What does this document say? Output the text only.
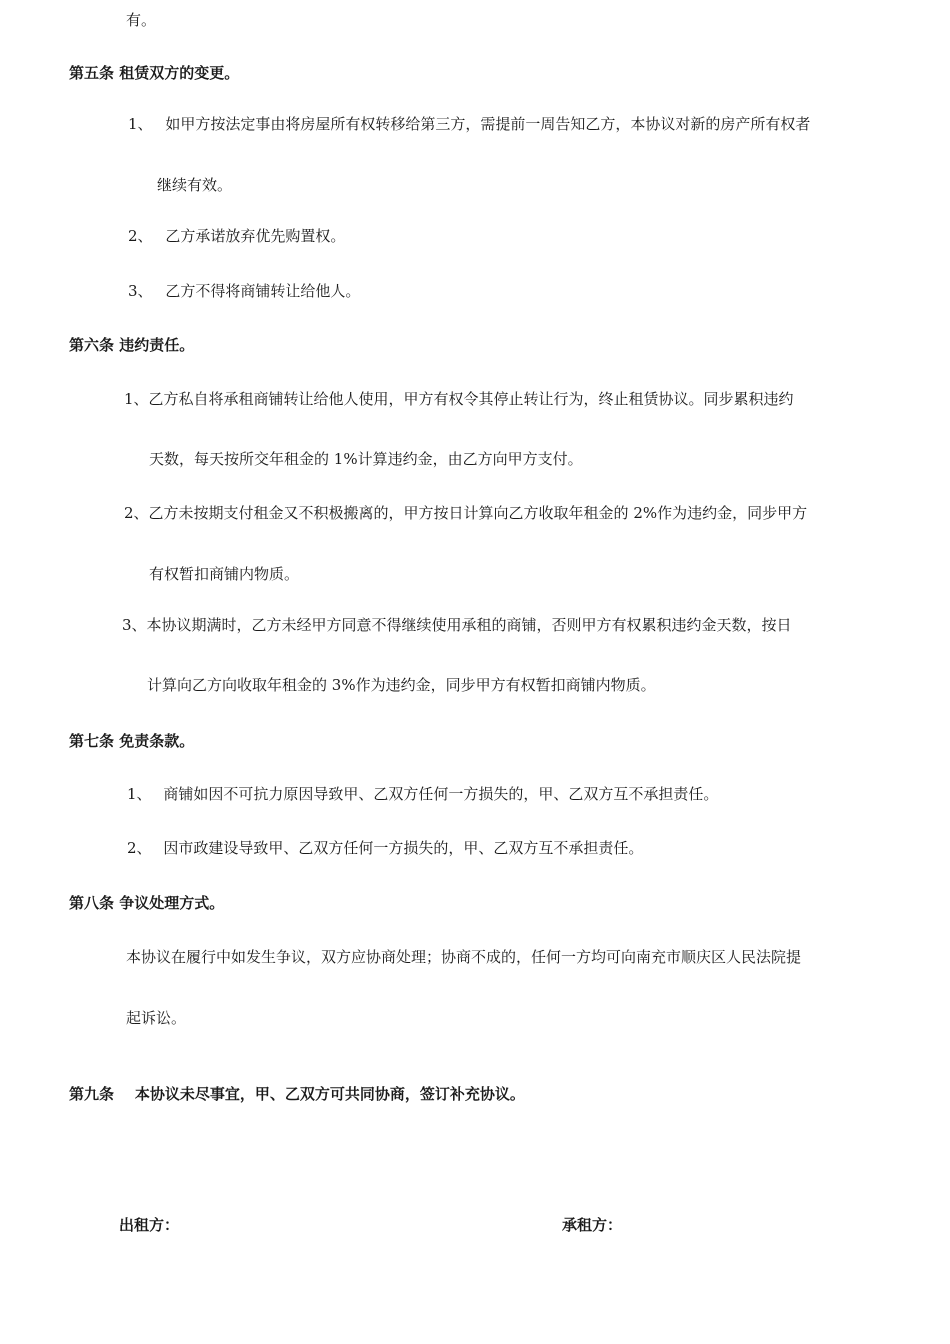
有。
第五条 租赁双方的变更。
1、 如甲方按法定事由将房屋所有权转移给第三方，需提前一周告知乙方，本协议对新的房产所有权者
继续有效。
2、 乙方承诺放弃优先购置权。
3、 乙方不得将商铺转让给他人。
第六条 违约责任。
1、乙方私自将承租商铺转让给他人使用，甲方有权令其停止转让行为，终止租赁协议。同步累积违约
天数，每天按所交年租金的 1%计算违约金，由乙方向甲方支付。
2、乙方未按期支付租金又不积极搬离的，甲方按日计算向乙方收取年租金的 2%作为违约金，同步甲方
有权暂扣商铺内物质。
3、本协议期满时，乙方未经甲方同意不得继续使用承租的商铺，否则甲方有权累积违约金天数，按日
计算向乙方向收取年租金的 3%作为违约金，同步甲方有权暂扣商铺内物质。
第七条 免责条款。
1、 商铺如因不可抗力原因导致甲、乙双方任何一方损失的，甲、乙双方互不承担责任。
2、 因市政建设导致甲、乙双方任何一方损失的，甲、乙双方互不承担责任。
第八条 争议处理方式。
本协议在履行中如发生争议，双方应协商处理；协商不成的，任何一方均可向南充市顺庆区人民法院提
起诉讼。
第九条    本协议未尽事宜，甲、乙双方可共同协商，签订补充协议。
出租方：	承租方：
